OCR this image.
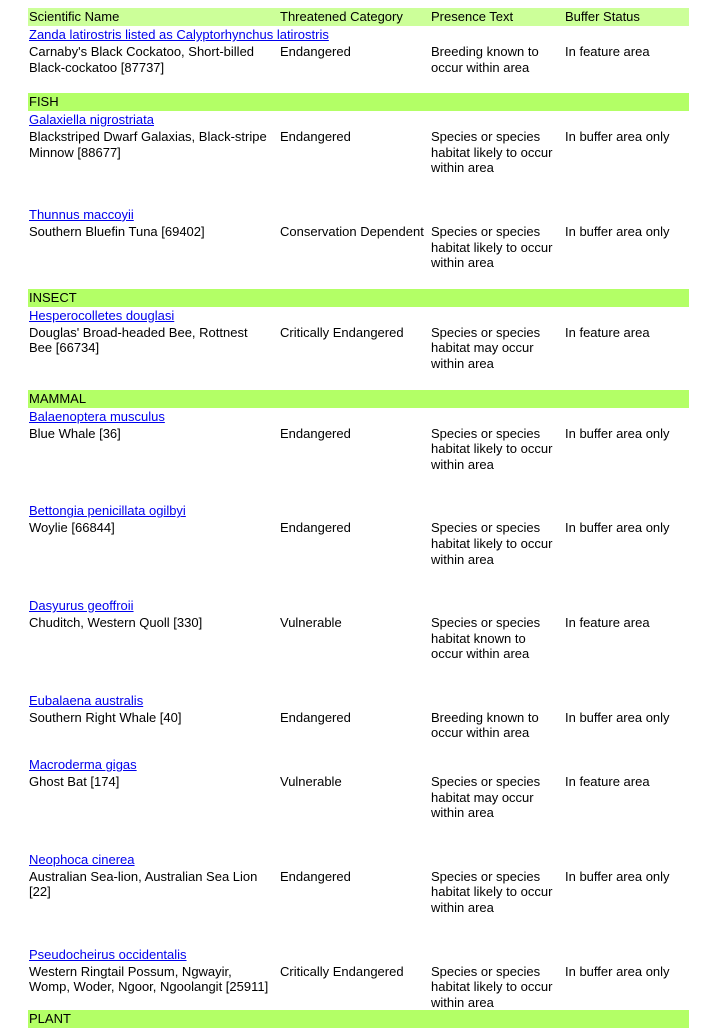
Scientific Name	Threatened Category	Presence Text	Buffer Status
Zanda latirostris listed as Calyptorhynchus latirostris			
Carnaby's Black Cockatoo, Short-billed Black-cockatoo [87737]	Endangered	Breeding known to occur within area	In feature area

FISH			
Galaxiella nigrostriata			
Blackstriped Dwarf Galaxias, Black-stripe Minnow [88677]	Endangered	Species or species habitat likely to occur within area	In buffer area only

Thunnus maccoyii			
Southern Bluefin Tuna [69402]	Conservation Dependent	Species or species habitat likely to occur within area	In buffer area only

INSECT			
Hesperocolletes douglasi			
Douglas' Broad-headed Bee, Rottnest Bee [66734]	Critically Endangered	Species or species habitat may occur within area	In feature area

MAMMAL			
Balaenoptera musculus			
Blue Whale [36]	Endangered	Species or species habitat likely to occur within area	In buffer area only

Bettongia penicillata ogilbyi			
Woylie [66844]	Endangered	Species or species habitat likely to occur within area	In buffer area only

Dasyurus geoffroii			
Chuditch, Western Quoll [330]	Vulnerable	Species or species habitat known to occur within area	In feature area

Eubalaena australis			
Southern Right Whale [40]	Endangered	Breeding known to occur within area	In buffer area only

Macroderma gigas			
Ghost Bat [174]	Vulnerable	Species or species habitat may occur within area	In feature area

Neophoca cinerea			
Australian Sea-lion, Australian Sea Lion [22]	Endangered	Species or species habitat likely to occur within area	In buffer area only

Pseudocheirus occidentalis			
Western Ringtail Possum, Ngwayir, Womp, Woder, Ngoor, Ngoolangit [25911]	Critically Endangered	Species or species habitat likely to occur within area	In buffer area only
PLANT			
